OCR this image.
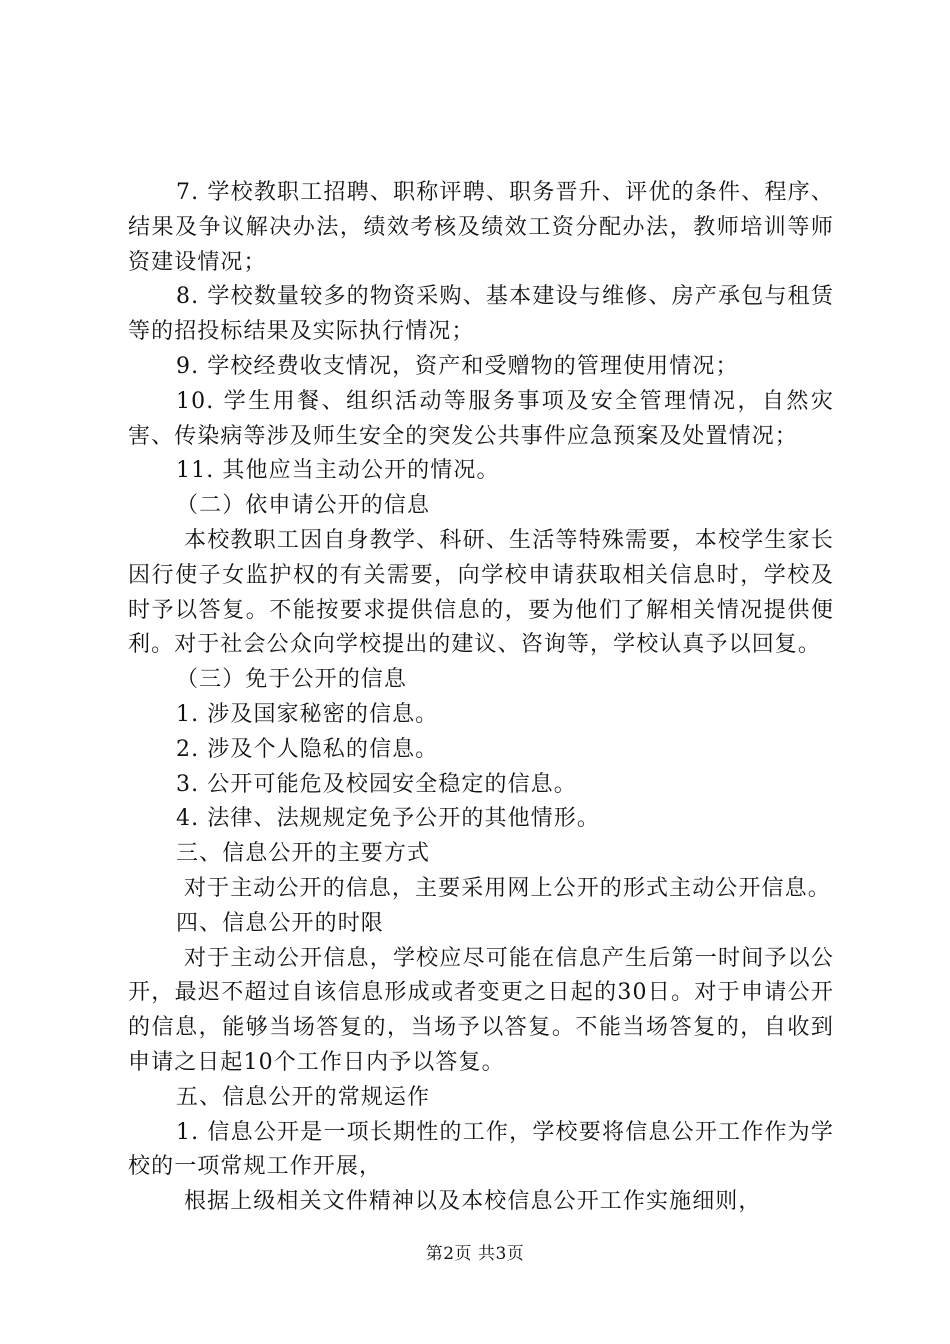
7. 学校教职工招聘、职称评聘、职务晋升、评优的条件、程序、结果及争议解决办法，绩效考核及绩效工资分配办法，教师培训等师资建设情况；

8. 学校数量较多的物资采购、基本建设与维修、房产承包与租赁等的招投标结果及实际执行情况；

9. 学校经费收支情况，资产和受赠物的管理使用情况；

10. 学生用餐、组织活动等服务事项及安全管理情况，自然灾害、传染病等涉及师生安全的突发公共事件应急预案及处置情况；

11. 其他应当主动公开的情况。

（二）依申请公开的信息

本校教职工因自身教学、科研、生活等特殊需要，本校学生家长因行使子女监护权的有关需要，向学校申请获取相关信息时，学校及时予以答复。不能按要求提供信息的，要为他们了解相关情况提供便利。对于社会公众向学校提出的建议、咨询等，学校认真予以回复。

（三）免于公开的信息

1. 涉及国家秘密的信息。

2. 涉及个人隐私的信息。

3. 公开可能危及校园安全稳定的信息。

4. 法律、法规规定免予公开的其他情形。

三、信息公开的主要方式

对于主动公开的信息，主要采用网上公开的形式主动公开信息。

四、信息公开的时限

对于主动公开信息，学校应尽可能在信息产生后第一时间予以公开，最迟不超过自该信息形成或者变更之日起的30日。对于申请公开的信息，能够当场答复的，当场予以答复。不能当场答复的，自收到申请之日起10个工作日内予以答复。

五、信息公开的常规运作

1. 信息公开是一项长期性的工作，学校要将信息公开工作作为学校的一项常规工作开展，

根据上级相关文件精神以及本校信息公开工作实施细则，

第2页 共3页
